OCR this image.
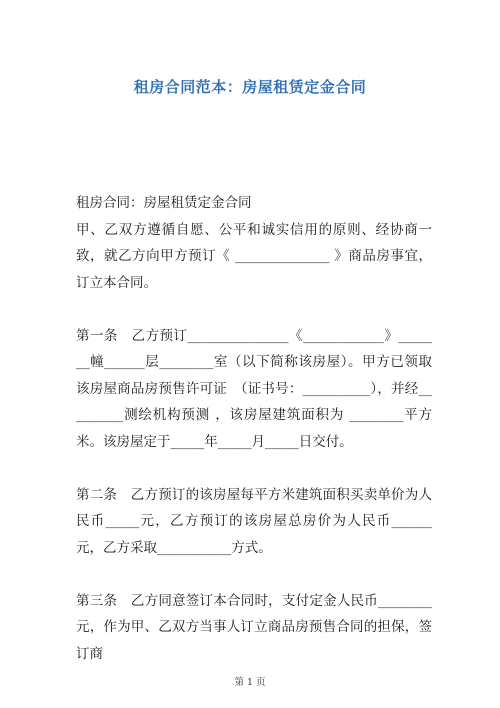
租房合同范本：房屋租赁定金合同

租房合同：房屋租赁定金合同

甲、乙双方遵循自愿、公平和诚实信用的原则、经协商一致，就乙方向甲方预订《 ______________ 》商品房事宜，订立本合同。

第一条　乙方预订_______________《____________》_______幢______层________室（以下简称该房屋）。甲方已领取该房屋商品房预售许可证　（证书号：__________），并经_________测绘机构预测 ，该房屋建筑面积为 ________平方米。该房屋定于_____年_____月_____日交付。

第二条　乙方预订的该房屋每平方米建筑面积买卖单价为人民币_____元，乙方预订的该房屋总房价为人民币______元，乙方采取___________方式。

第三条　乙方同意签订本合同时，支付定金人民币________元，作为甲、乙双方当事人订立商品房预售合同的担保，签订商

第 1 页
